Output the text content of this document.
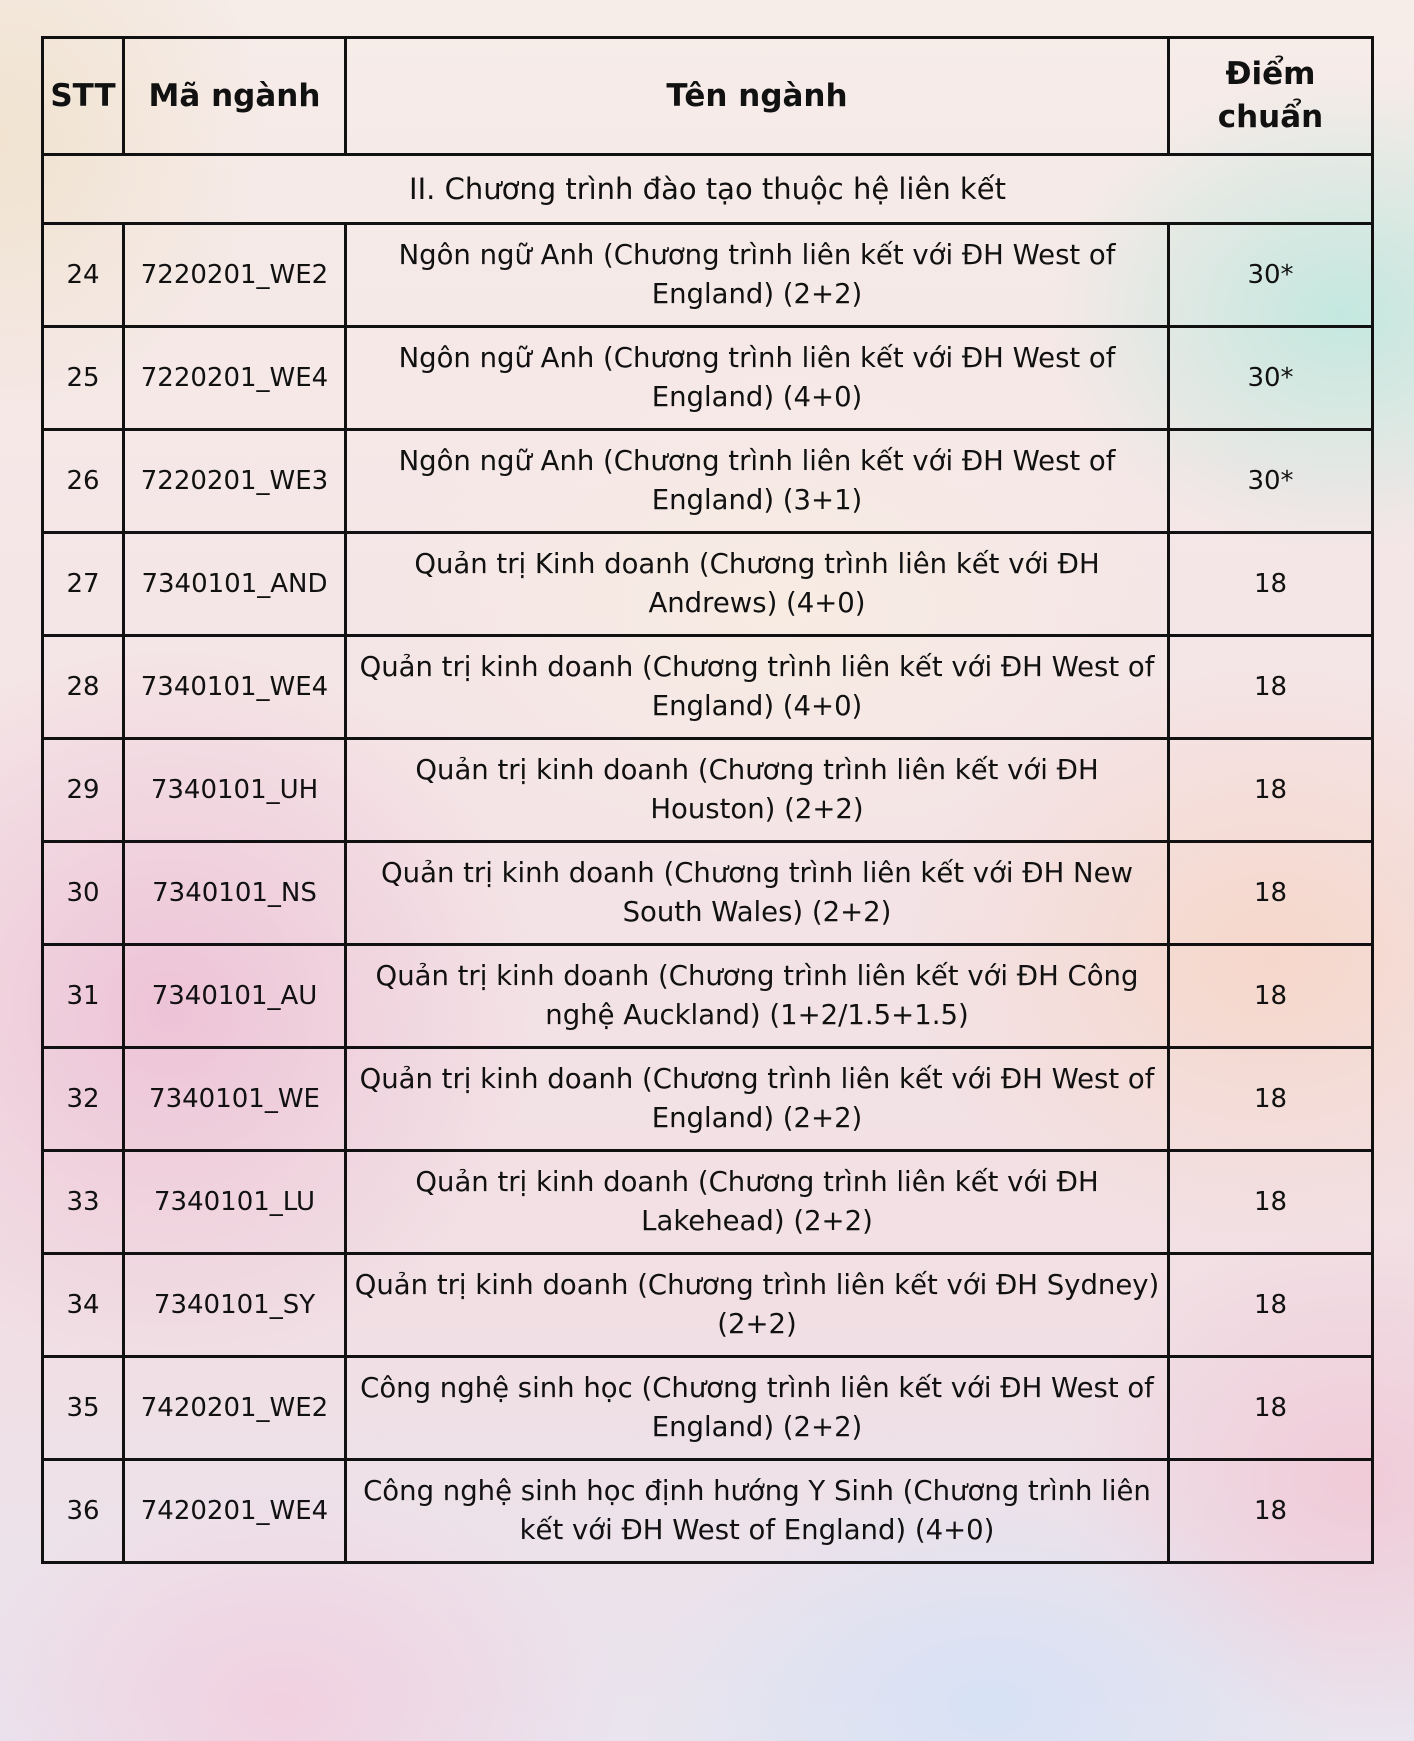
STT	Mã ngành	Tên ngành	Điểm chuẩn
II. Chương trình đào tạo thuộc hệ liên kết			
24	7220201_WE2	Ngôn ngữ Anh (Chương trình liên kết với ĐH West of England) (2+2)	30*
25	7220201_WE4	Ngôn ngữ Anh (Chương trình liên kết với ĐH West of England) (4+0)	30*
26	7220201_WE3	Ngôn ngữ Anh (Chương trình liên kết với ĐH West of England) (3+1)	30*
27	7340101_AND	Quản trị Kinh doanh (Chương trình liên kết với ĐH Andrews) (4+0)	18
28	7340101_WE4	Quản trị kinh doanh (Chương trình liên kết với ĐH West of England) (4+0)	18
29	7340101_UH	Quản trị kinh doanh (Chương trình liên kết với ĐH Houston) (2+2)	18
30	7340101_NS	Quản trị kinh doanh (Chương trình liên kết với ĐH New South Wales) (2+2)	18
31	7340101_AU	Quản trị kinh doanh (Chương trình liên kết với ĐH Công nghệ Auckland) (1+2/1.5+1.5)	18
32	7340101_WE	Quản trị kinh doanh (Chương trình liên kết với ĐH West of England) (2+2)	18
33	7340101_LU	Quản trị kinh doanh (Chương trình liên kết với ĐH Lakehead) (2+2)	18
34	7340101_SY	Quản trị kinh doanh (Chương trình liên kết với ĐH Sydney) (2+2)	18
35	7420201_WE2	Công nghệ sinh học (Chương trình liên kết với ĐH West of England) (2+2)	18
36	7420201_WE4	Công nghệ sinh học định hướng Y Sinh (Chương trình liên kết với ĐH West of England) (4+0)	18
